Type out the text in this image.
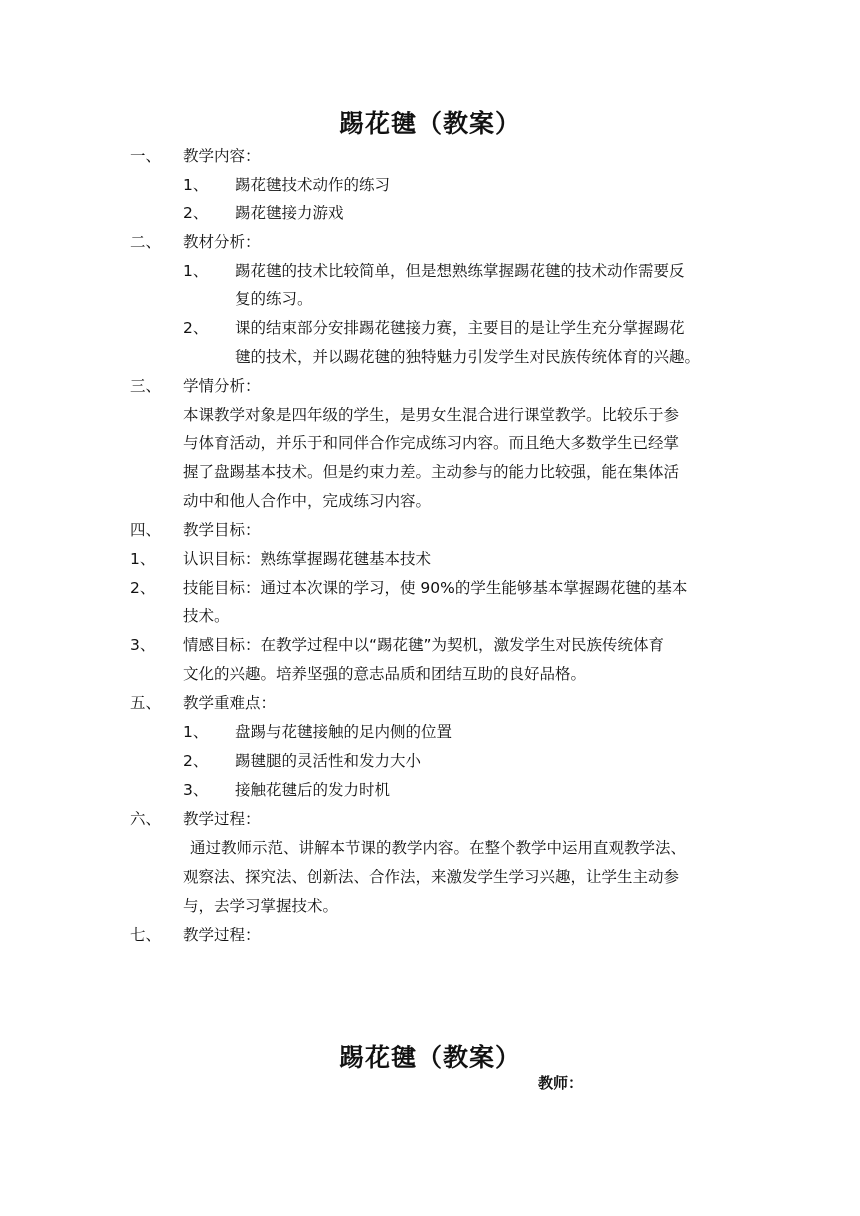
踢花毽（教案）
一、 教学内容：
1、 踢花毽技术动作的练习
2、 踢花毽接力游戏
二、 教材分析：
1、 踢花毽的技术比较简单，但是想熟练掌握踢花毽的技术动作需要反
复的练习。
2、 课的结束部分安排踢花毽接力赛，主要目的是让学生充分掌握踢花
毽的技术，并以踢花毽的独特魅力引发学生对民族传统体育的兴趣。
三、 学情分析：
本课教学对象是四年级的学生，是男女生混合进行课堂教学。比较乐于参
与体育活动，并乐于和同伴合作完成练习内容。而且绝大多数学生已经掌
握了盘踢基本技术。但是约束力差。主动参与的能力比较强，能在集体活
动中和他人合作中，完成练习内容。
四、 教学目标：
1、 认识目标：熟练掌握踢花毽基本技术
2、 技能目标：通过本次课的学习，使 90%的学生能够基本掌握踢花毽的基本
技术。
3、 情感目标：在教学过程中以“踢花毽”为契机，激发学生对民族传统体育
文化的兴趣。培养坚强的意志品质和团结互助的良好品格。
五、 教学重难点：
1、 盘踢与花毽接触的足内侧的位置
2、 踢毽腿的灵活性和发力大小
3、 接触花毽后的发力时机
六、 教学过程：
通过教师示范、讲解本节课的教学内容。在整个教学中运用直观教学法、
观察法、探究法、创新法、合作法，来激发学生学习兴趣，让学生主动参
与，去学习掌握技术。
七、 教学过程：
踢花毽（教案）
教师：
